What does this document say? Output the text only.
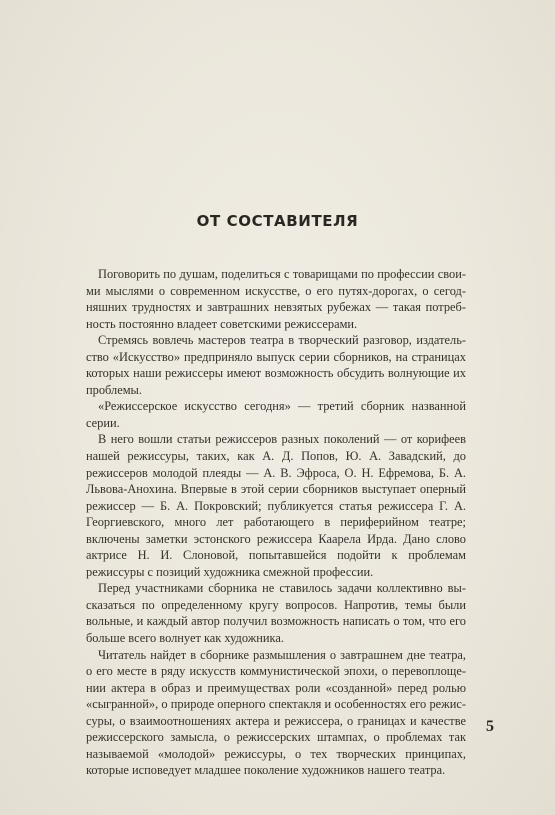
ОТ СОСТАВИТЕЛЯ

Поговорить по душам, поделиться с товарищами по профессии своими мыслями о современном искусстве, о его путях-дорогах, о сегодняшних трудностях и завтрашних невзятых рубежах — такая потребность постоянно владеет советскими режиссерами.

Стремясь вовлечь мастеров театра в творческий разговор, издательство «Искусство» предприняло выпуск серии сборников, на страницах которых наши режиссеры имеют возможность обсудить волнующие их проблемы.

«Режиссерское искусство сегодня» — третий сборник названной серии.

В него вошли статьи режиссеров разных поколений — от корифеев нашей режиссуры, таких, как А. Д. Попов, Ю. А. Завадский, до режиссеров молодой плеяды — А. В. Эфроса, О. Н. Ефремова, Б. А. Львова-Анохина. Впервые в этой серии сборников выступает оперный режиссер — Б. А. Покровский; публикуется статья режиссера Г. А. Георгиевского, много лет работающего в периферийном театре; включены заметки эстонского режиссера Каарела Ирда. Дано слово актрисе Н. И. Слоновой, попытавшейся подойти к проблемам режиссуры с позиций художника смежной профессии.

Перед участниками сборника не ставилось задачи коллективно высказаться по определенному кругу вопросов. Напротив, темы были вольные, и каждый автор получил возможность написать о том, что его больше всего волнует как художника.

Читатель найдет в сборнике размышления о завтрашнем дне театра, о его месте в ряду искусств коммунистической эпохи, о перевоплощении актера в образ и преимуществах роли «созданной» перед ролью «сыгранной», о природе оперного спектакля и особенностях его режиссуры, о взаимоотношениях актера и режиссера, о границах и качестве режиссерского замысла, о режиссерских штампах, о проблемах так называемой «молодой» режиссуры, о тех творческих принципах, которые исповедует младшее поколение художников нашего театра.

5
